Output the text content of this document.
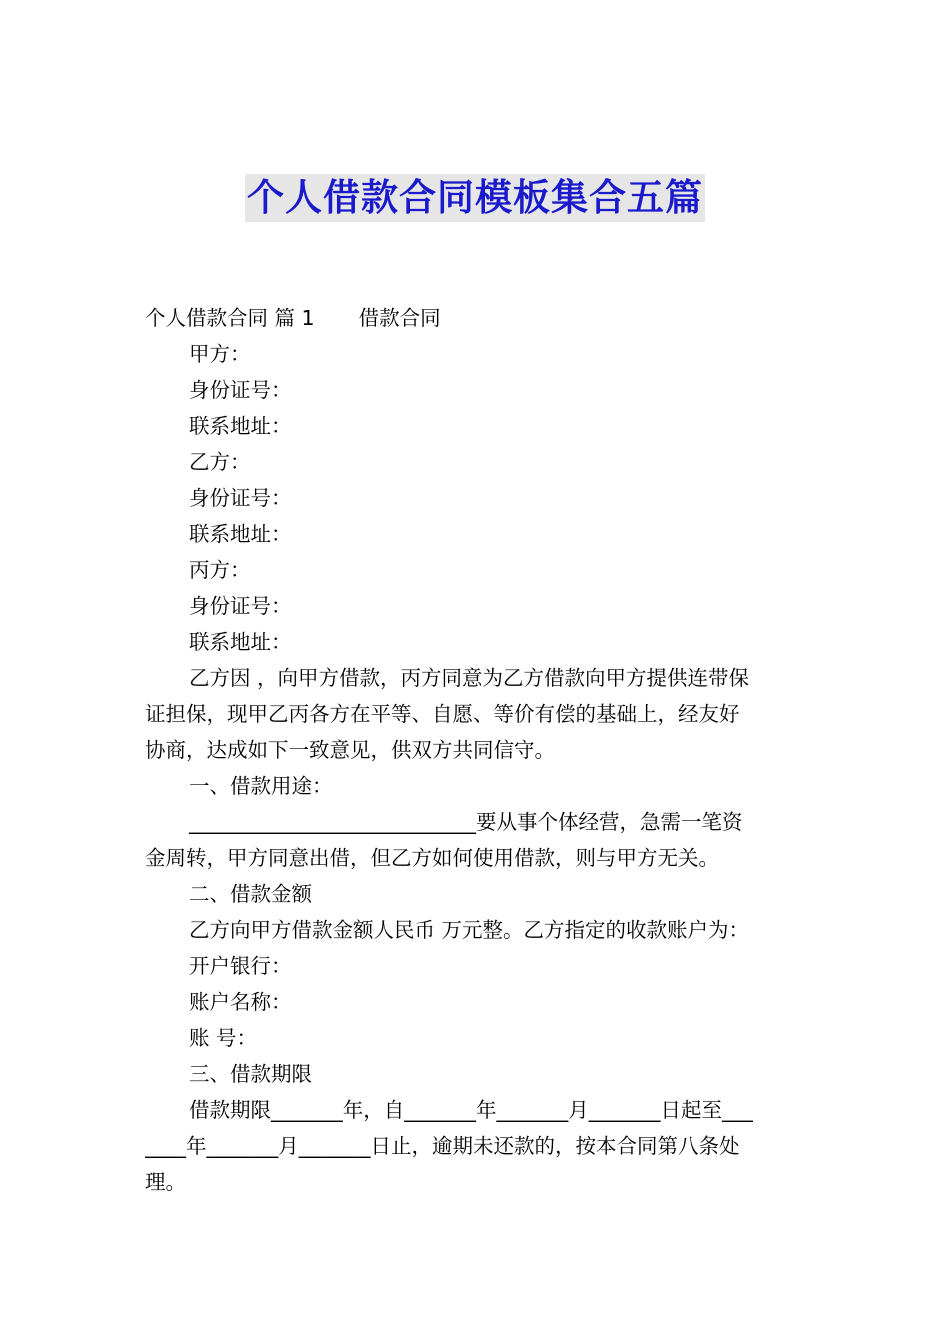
个人借款合同模板集合五篇
个人借款合同 篇 1 借款合同
甲方：
身份证号：
联系地址：
乙方：
身份证号：
联系地址：
丙方：
身份证号：
联系地址：
乙方因 ，向甲方借款，丙方同意为乙方借款向甲方提供连带保
证担保，现甲乙丙各方在平等、自愿、等价有偿的基础上，经友好
协商，达成如下一致意见，供双方共同信守。
一、借款用途：
____________________________要从事个体经营，急需一笔资
金周转，甲方同意出借，但乙方如何使用借款，则与甲方无关。
二、借款金额
乙方向甲方借款金额人民币 万元整。乙方指定的收款账户为：
开户银行：
账户名称：
账 号：
三、借款期限
借款期限_______年，自_______年_______月_______日起至___
____年_______月_______日止，逾期未还款的，按本合同第八条处
理。
